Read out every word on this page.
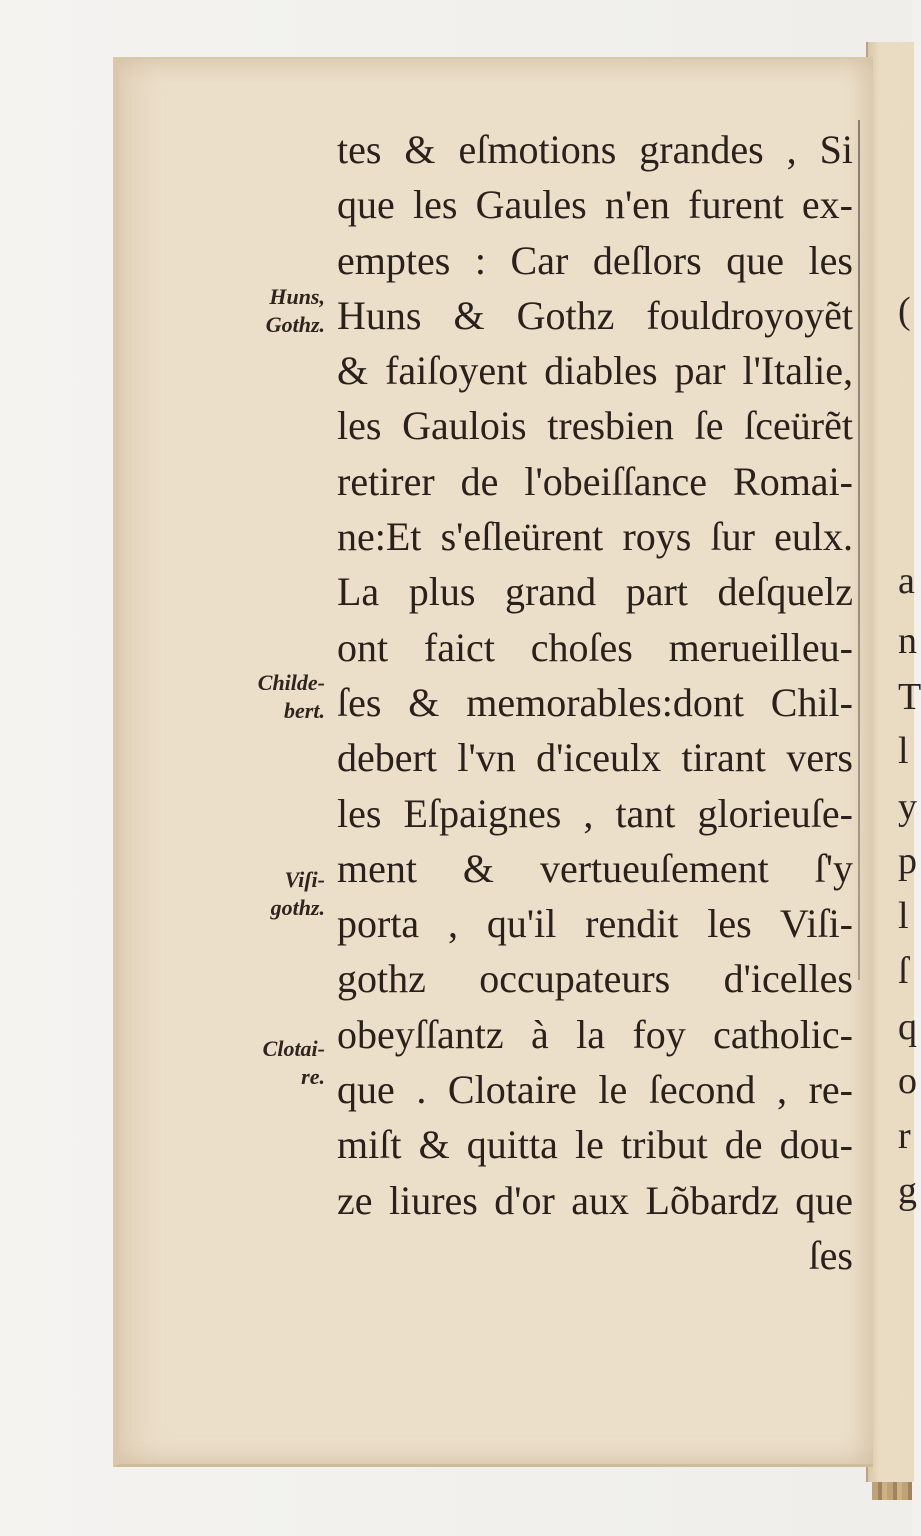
(
a
n
T
l
y
p
l
ſ
q
o
r
g
tes & eſmotions grandes , Si
que les Gaules n'en furent ex-
emptes : Car deſlors que les
Huns & Gothz fouldroyoyẽt
& faiſoyent diables par l'Italie,
les Gaulois tresbien ſe ſceürẽt
retirer de l'obeiſſance Romai-
ne:Et s'eſleürent roys ſur eulx.
La plus grand part deſquelz
ont faict choſes merueilleu-
ſes & memorables:dont Chil-
debert l'vn d'iceulx tirant vers
les Eſpaignes , tant glorieuſe-
ment & vertueuſement ſ'y
porta , qu'il rendit les Viſi-
gothz occupateurs d'icelles
obeyſſantz à la foy catholic-
que . Clotaire le ſecond , re-
miſt & quitta le tribut de dou-
ze liures d'or aux Lõbardz que
ſes
Huns,
Gothz.
Childe-
bert.
Viſi-
gothz.
Clotai-
re.
